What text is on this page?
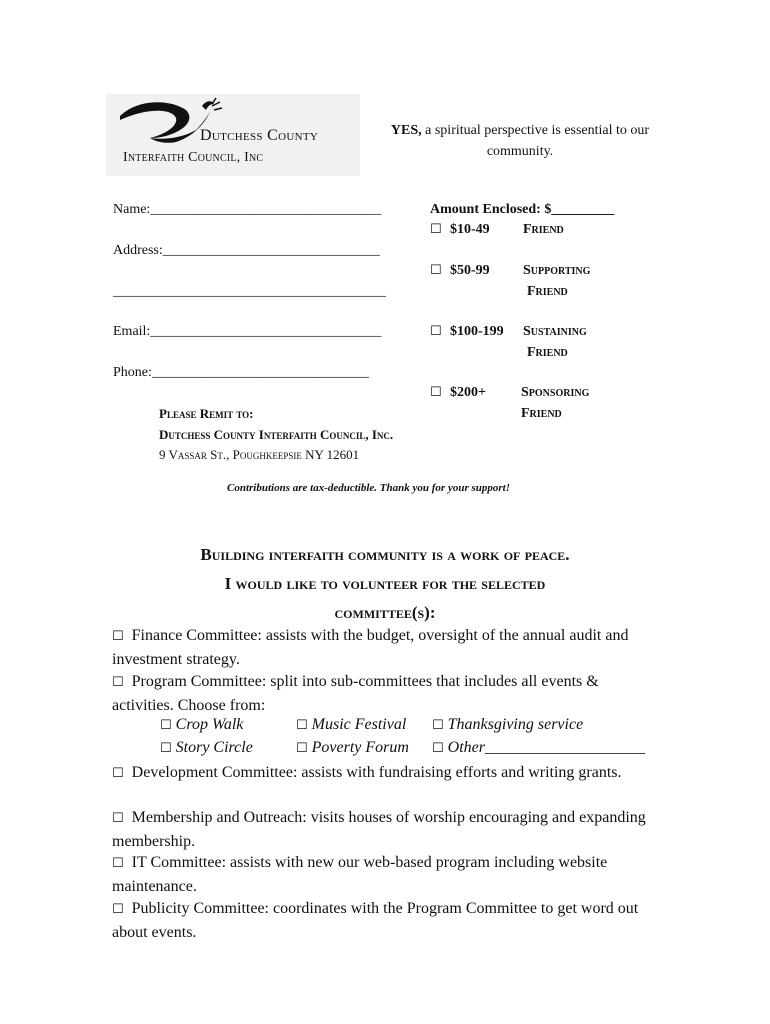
Dutchess County
Interfaith Council, Inc
YES, a spiritual perspective is essential to our community.
Name:_________________________________
Address:_______________________________
_______________________________________
Email:_________________________________
Phone:_______________________________
Amount Enclosed: $_________
☐ $10-49 Friend
☐ $50-99 Supporting
Friend
☐ $100-199 Sustaining
Friend
☐ $200+	Sponsoring
Friend
Please Remit to:
Dutchess County Interfaith Council, Inc.
9 Vassar St., Poughkeepsie NY 12601
Contributions are tax-deductible. Thank you for your support!
Building interfaith community is a work of peace.
I would like to volunteer for the selected
committee(s):
☐ Finance Committee: assists with the budget, oversight of the annual audit and investment strategy.
☐ Program Committee: split into sub-committees that includes all events & activities. Choose from:
☐ Crop Walk	☐ Music Festival ☐ Thanksgiving service
☐ Story Circle	☐ Poverty Forum ☐ Other____________________
☐ Development Committee: assists with fundraising efforts and writing grants.
☐ Membership and Outreach: visits houses of worship encouraging and expanding membership.
☐ IT Committee: assists with new our web-based program including website maintenance.
☐ Publicity Committee: coordinates with the Program Committee to get word out about events.
